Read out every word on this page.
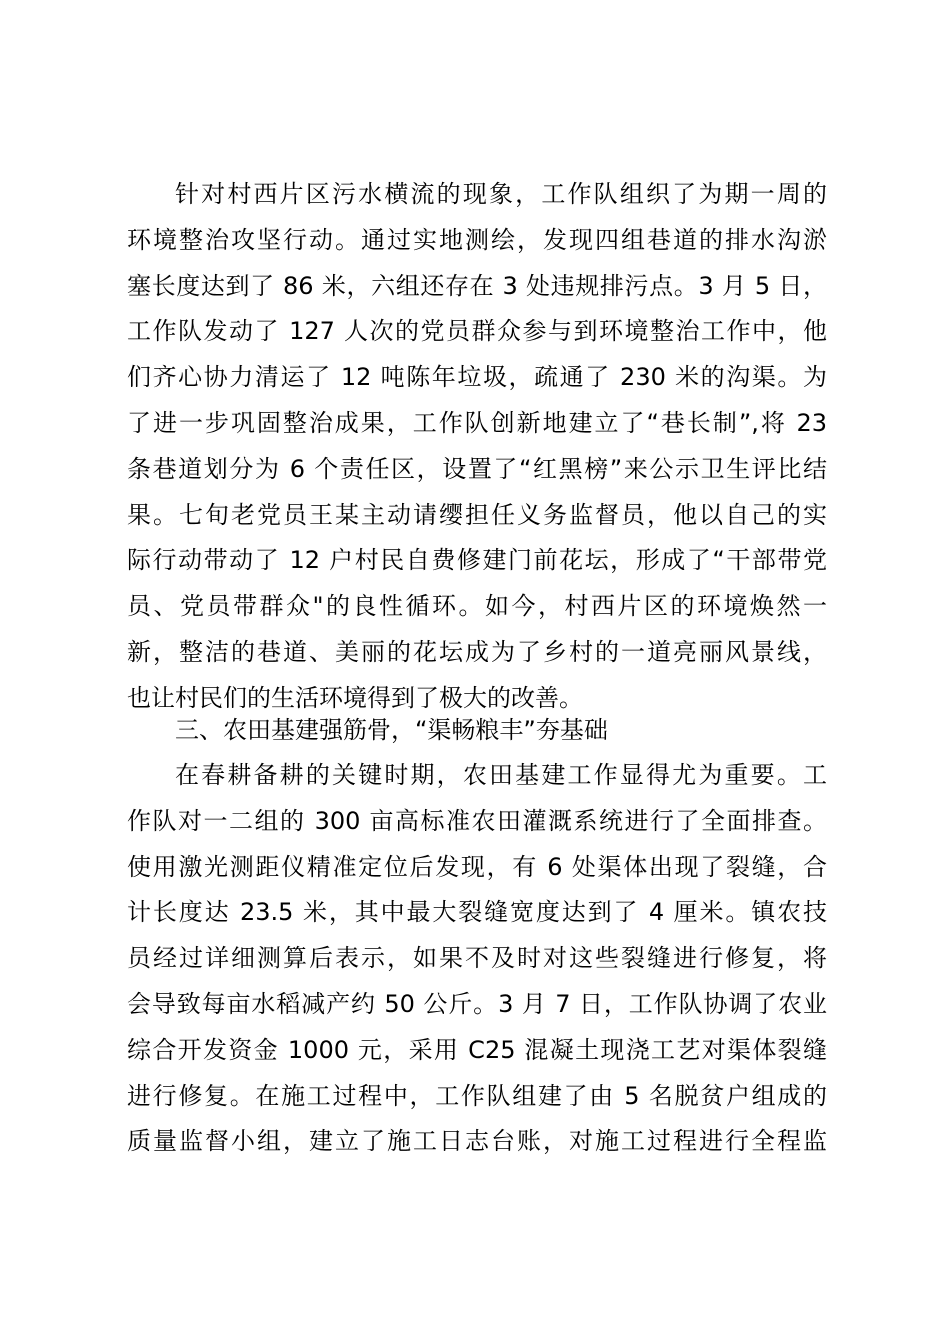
针对村西片区污水横流的现象，工作队组织了为期一周的
环境整治攻坚行动。通过实地测绘，发现四组巷道的排水沟淤
塞长度达到了 86 米，六组还存在 3 处违规排污点。3 月 5 日，
工作队发动了 127 人次的党员群众参与到环境整治工作中，他
们齐心协力清运了 12 吨陈年垃圾，疏通了 230 米的沟渠。为
了进一步巩固整治成果，工作队创新地建立了“巷长制”,将 23
条巷道划分为 6 个责任区，设置了“红黑榜”来公示卫生评比结
果。七旬老党员王某主动请缨担任义务监督员，他以自己的实
际行动带动了 12 户村民自费修建门前花坛，形成了“干部带党
员、党员带群众"的良性循环。如今，村西片区的环境焕然一
新，整洁的巷道、美丽的花坛成为了乡村的一道亮丽风景线，
也让村民们的生活环境得到了极大的改善。
三、农田基建强筋骨，“渠畅粮丰”夯基础
在春耕备耕的关键时期，农田基建工作显得尤为重要。工
作队对一二组的 300 亩高标准农田灌溉系统进行了全面排查。
使用激光测距仪精准定位后发现，有 6 处渠体出现了裂缝，合
计长度达 23.5 米，其中最大裂缝宽度达到了 4 厘米。镇农技
员经过详细测算后表示，如果不及时对这些裂缝进行修复，将
会导致每亩水稻减产约 50 公斤。3 月 7 日，工作队协调了农业
综合开发资金 1000 元，采用 C25 混凝土现浇工艺对渠体裂缝
进行修复。在施工过程中，工作队组建了由 5 名脱贫户组成的
质量监督小组，建立了施工日志台账，对施工过程进行全程监
